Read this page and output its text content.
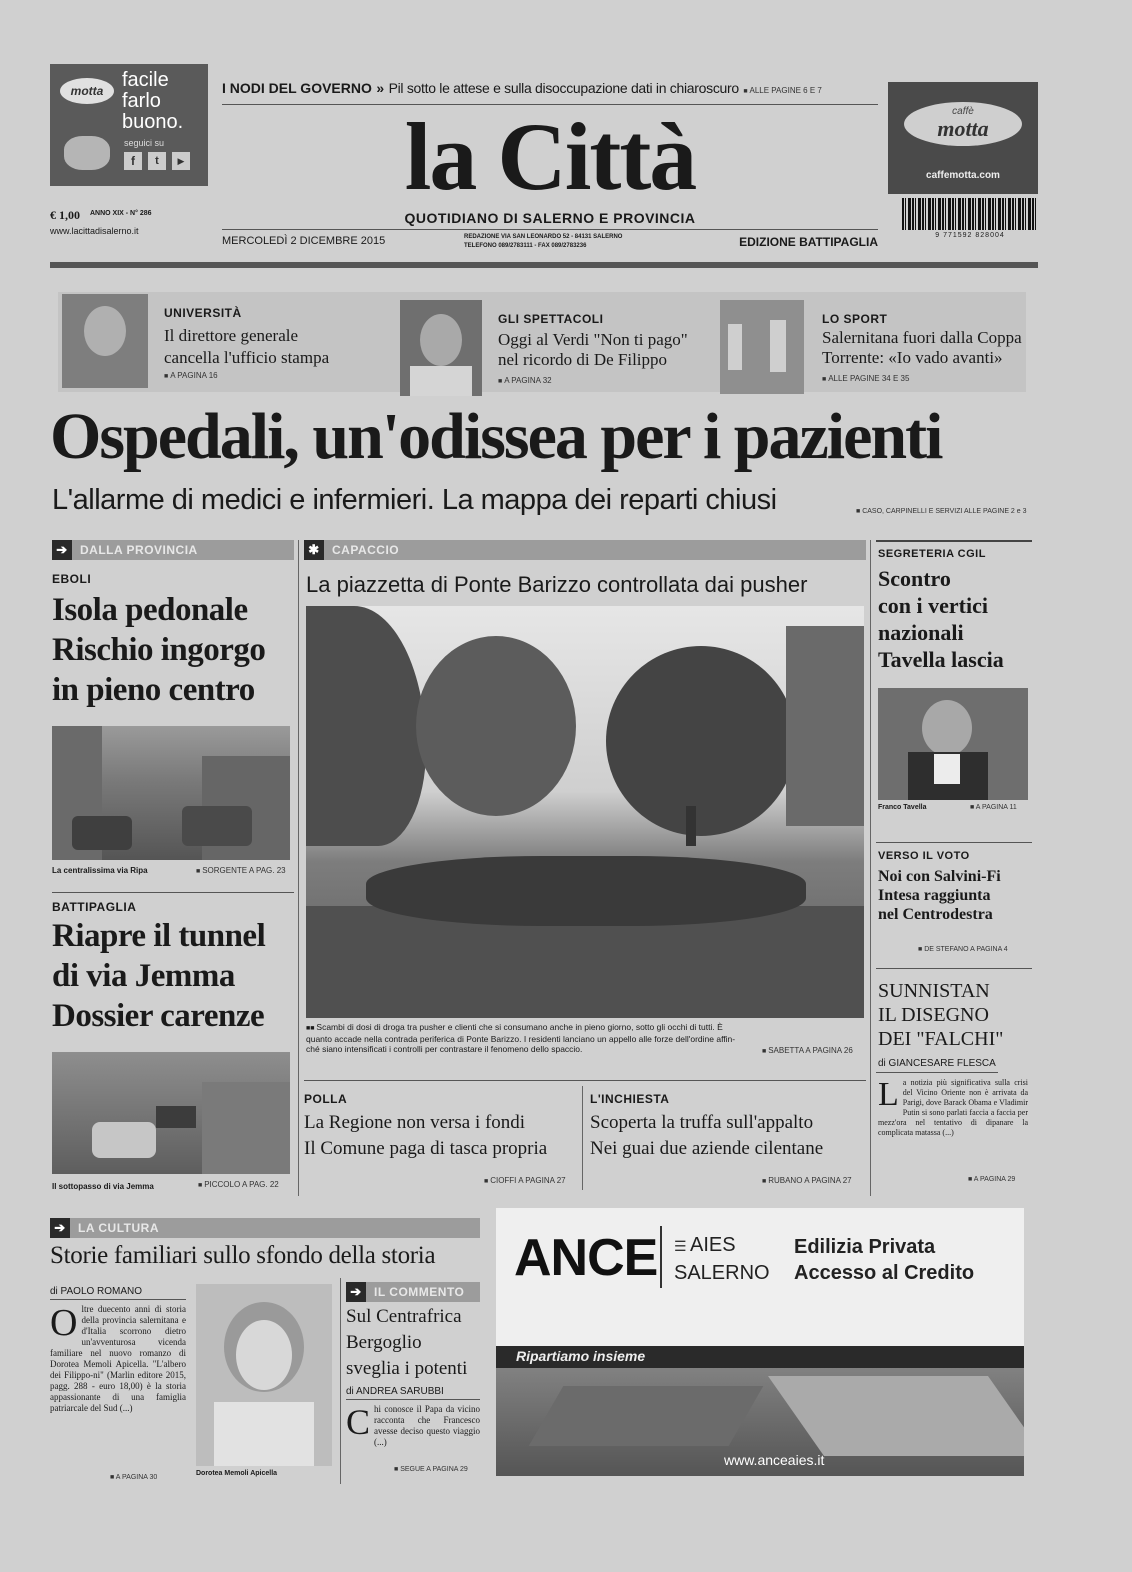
motta facile
farlo
buono.
seguici su
f	t	▶
€ 1,00 ANNO XIX - N° 286
www.lacittadisalerno.it
I NODI DEL GOVERNO » Pil sotto le attese e sulla disoccupazione dati in chiaroscuro ■ ALLE PAGINE 6 E 7
la Città
QUOTIDIANO DI SALERNO E PROVINCIA
MERCOLEDÌ 2 DICEMBRE 2015	REDAZIONE VIA SAN LEONARDO 52 - 84131 SALERNO
TELEFONO 089/2783111 - FAX 089/2783236	EDIZIONE BATTIPAGLIA
caffè
motta
caffemotta.com
9 771592 828004
UNIVERSITÀ
Il direttore generale
cancella l'ufficio stampa
■ A PAGINA 16
GLI SPETTACOLI
Oggi al Verdi "Non ti pago"
nel ricordo di De Filippo
■ A PAGINA 32
LO SPORT
Salernitana fuori dalla Coppa
Torrente: «Io vado avanti»
■ ALLE PAGINE 34 E 35
Ospedali, un'odissea per i pazienti
L'allarme di medici e infermieri. La mappa dei reparti chiusi	■ CASO, CARPINELLI E SERVIZI ALLE PAGINE 2 e 3
➔ DALLA PROVINCIA
EBOLI
Isola pedonale
Rischio ingorgo
in pieno centro
La centralissima via Ripa	■ SORGENTE A PAG. 23
BATTIPAGLIA
Riapre il tunnel
di via Jemma
Dossier carenze
Il sottopasso di via Jemma	■ PICCOLO A PAG. 22
✱ CAPACCIO
La piazzetta di Ponte Barizzo controllata dai pusher

■■ Scambi di dosi di droga tra pusher e clienti che si consumano anche in pieno giorno, sotto gli occhi di tutti. È

quanto accade nella contrada periferica di Ponte Barizzo. I residenti lanciano un appello alle forze dell'ordine affin-

ché siano intensificati i controlli per contrastare il fenomeno dello spaccio.	■ SABETTA A PAGINA 26
POLLA
La Regione non versa i fondi
Il Comune paga di tasca propria
■ CIOFFI A PAGINA 27
L'INCHIESTA
Scoperta la truffa sull'appalto
Nei guai due aziende cilentane
■ RUBANO A PAGINA 27
SEGRETERIA CGIL
Scontro
con i vertici
nazionali
Tavella lascia
Franco Tavella	■ A PAGINA 11
VERSO IL VOTO
Noi con Salvini-Fi
Intesa raggiunta
nel Centrodestra
■ DE STEFANO A PAGINA 4
SUNNISTAN
IL DISEGNO
DEI "FALCHI"
di GIANCESARE FLESCA
La notizia più significativa sulla crisi del Vicino Oriente non è arrivata da Parigi, dove Barack Obama e Vladimir Putin si sono parlati faccia a faccia per mezz'ora nel tentativo di dipanare la complicata matassa (...)
■ A PAGINA 29
➔ LA CULTURA
Storie familiari sullo sfondo della storia
di PAOLO ROMANO
Oltre duecento anni di storia della provincia salernitana e d'Italia scorrono dietro un'avventurosa vicenda familiare nel nuovo romanzo di Dorotea Memoli Apicella. "L'albero dei Filippo-ni" (Marlin editore 2015, pagg. 288 - euro 18,00) è la storia appassionante di una famiglia patriarcale del Sud (...)
■ A PAGINA 30
Dorotea Memoli Apicella
➔ IL COMMENTO
Sul Centrafrica
Bergoglio
sveglia i potenti
di ANDREA SARUBBI
Chi conosce il Papa da vicino racconta che Francesco avesse deciso questo viaggio (...)
■ SEGUE A PAGINA 29
ANCE ☰ AIES
SALERNO
Edilizia Privata
Accesso al Credito
Ripartiamo insieme
www.anceaies.it
